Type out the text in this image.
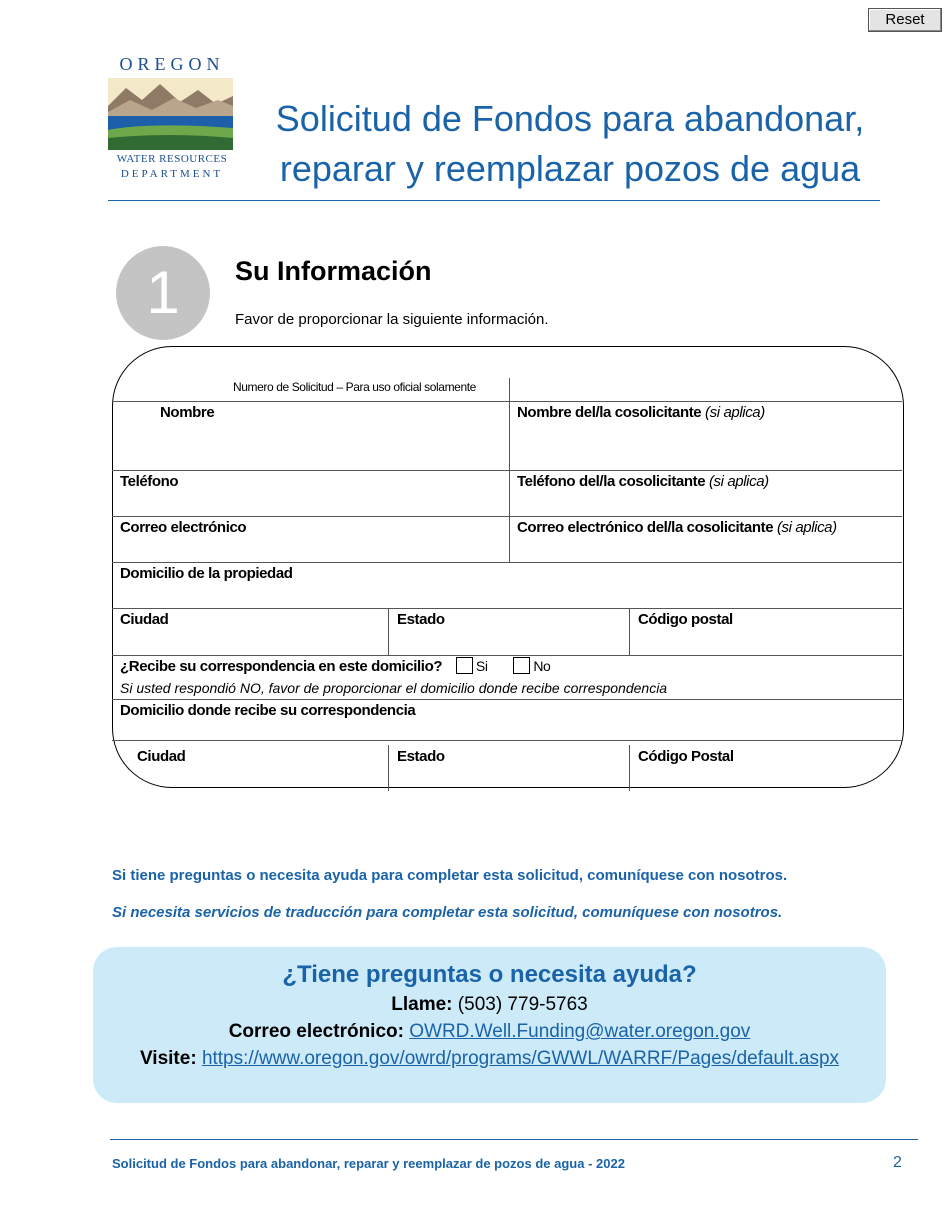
Reset
OREGON
WATER RESOURCES
DEPARTMENT
Solicitud de Fondos para abandonar,
reparar y reemplazar pozos de agua
1	Su Información
Favor de proporcionar la siguiente información.
Numero de Solicitud – Para uso oficial solamente
Nombre	Nombre del/la cosolicitante (si aplica)
Teléfono	Teléfono del/la cosolicitante (si aplica)
Correo electrónico	Correo electrónico del/la cosolicitante (si aplica)
Domicilio de la propiedad
Ciudad	Estado	Código postal
¿Recibe su correspondencia en este domicilio? Si	No
Si usted respondió NO, favor de proporcionar el domicilio donde recibe correspondencia
Domicilio donde recibe su correspondencia
Ciudad	Estado	Código Postal
Si tiene preguntas o necesita ayuda para completar esta solicitud, comuníquese con nosotros.
Si necesita servicios de traducción para completar esta solicitud, comuníquese con nosotros.
¿Tiene preguntas o necesita ayuda?
Llame: (503) 779-5763
Correo electrónico: OWRD.Well.Funding@water.oregon.gov
Visite: https://www.oregon.gov/owrd/programs/GWWL/WARRF/Pages/default.aspx
Solicitud de Fondos para abandonar, reparar y reemplazar de pozos de agua - 2022	2
